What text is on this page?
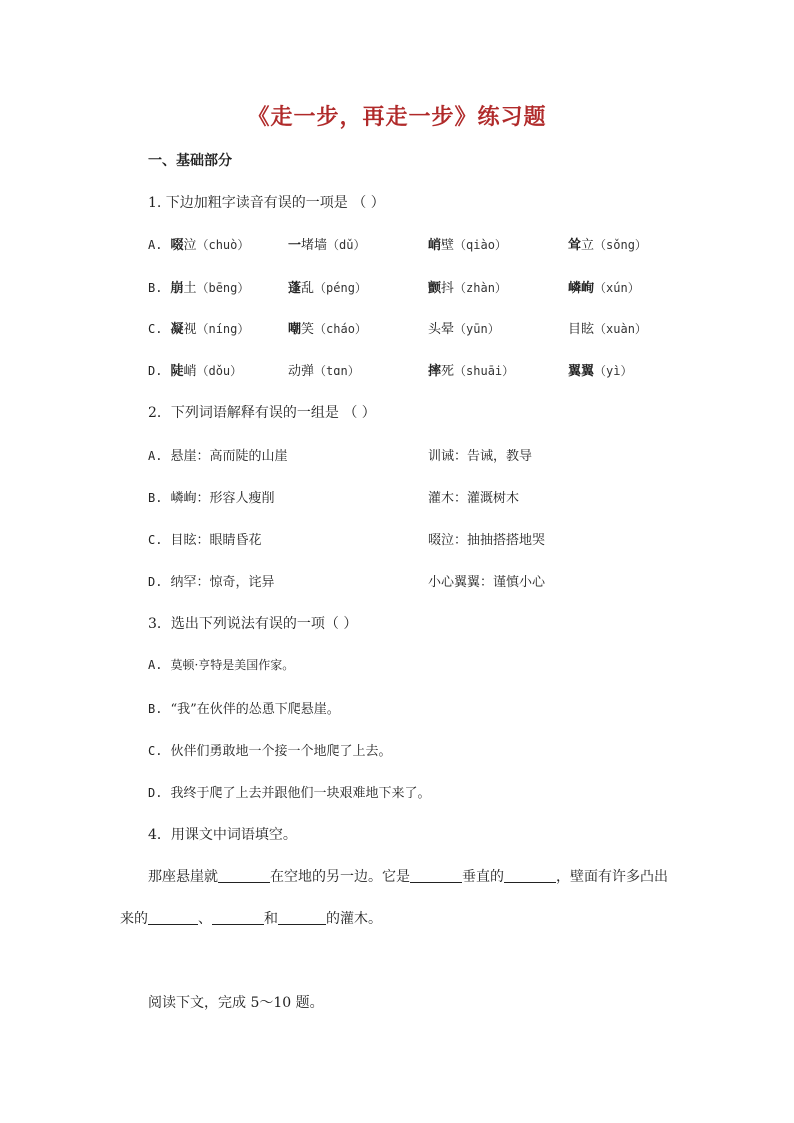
《走一步，再走一步》练习题
一、基础部分
1. 下边加粗字读音有误的一项是 （ ）
A. 啜泣（chuò）	一堵墙（dǔ）	峭壁（qiào）	耸立（sǒng）
B. 崩土（bēng）	蓬乱（péng）	颤抖（zhàn）	嶙峋（xún）
C. 凝视（níng）	嘲笑（cháo）	头晕（yūn）	目眩（xuàn）
D. 陡峭（dǒu）	动弹（tɑn）	摔死（shuāi）	翼翼（yì）
2．下列词语解释有误的一组是 （ ）
A. 悬崖：高而陡的山崖	训诫：告诫，教导
B. 嶙峋：形容人瘦削	灌木：灌溉树木
C. 目眩：眼睛昏花	啜泣：抽抽搭搭地哭
D. 纳罕：惊奇，诧异	小心翼翼：谨慎小心
3．选出下列说法有误的一项（ ）
A. 莫顿·亨特是美国作家。
B. “我”在伙伴的怂恿下爬悬崖。
C. 伙伴们勇敢地一个接一个地爬了上去。
D. 我终于爬了上去并跟他们一块艰难地下来了。
4．用课文中词语填空。
那座悬崖就	在空地的另一边。它是	垂直的	，壁面有许多凸出
来的	、	和	的灌木。
阅读下文，完成 5～10 题。
